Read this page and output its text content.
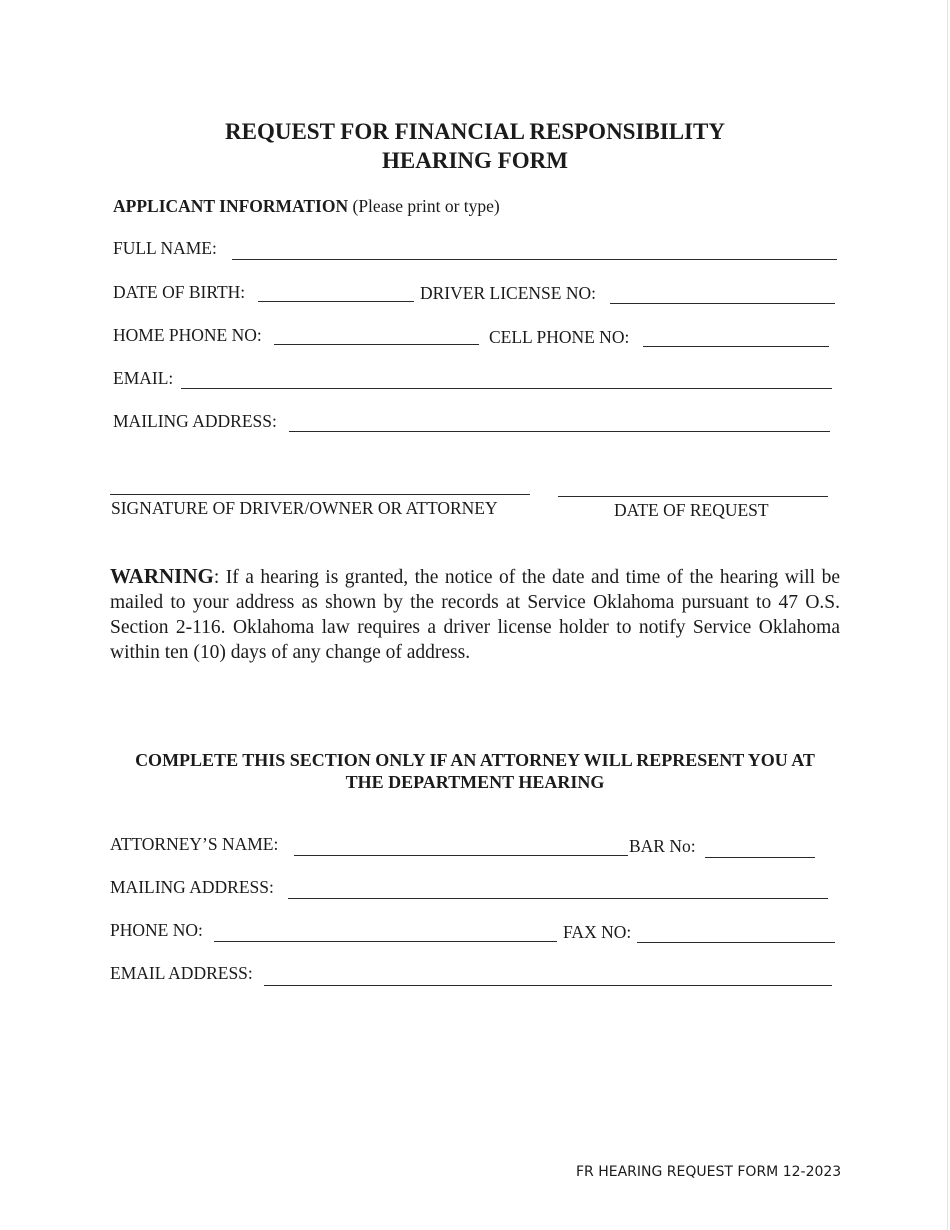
REQUEST FOR FINANCIAL RESPONSIBILITY
HEARING FORM
APPLICANT INFORMATION (Please print or type)
FULL NAME:
DATE OF BIRTH:	DRIVER LICENSE NO:
HOME PHONE NO:	CELL PHONE NO:
EMAIL:
MAILING ADDRESS:
SIGNATURE OF DRIVER/OWNER OR ATTORNEY	DATE OF REQUEST
WARNING: If a hearing is granted, the notice of the date and time of the hearing will be mailed to your address as shown by the records at Service Oklahoma pursuant to 47 O.S. Section 2-116. Oklahoma law requires a driver license holder to notify Service Oklahoma within ten (10) days of any change of address.
COMPLETE THIS SECTION ONLY IF AN ATTORNEY WILL REPRESENT YOU AT
THE DEPARTMENT HEARING
ATTORNEY’S NAME:	BAR No:
MAILING ADDRESS:
PHONE NO:	FAX NO:
EMAIL ADDRESS:
FR HEARING REQUEST FORM 12-2023
